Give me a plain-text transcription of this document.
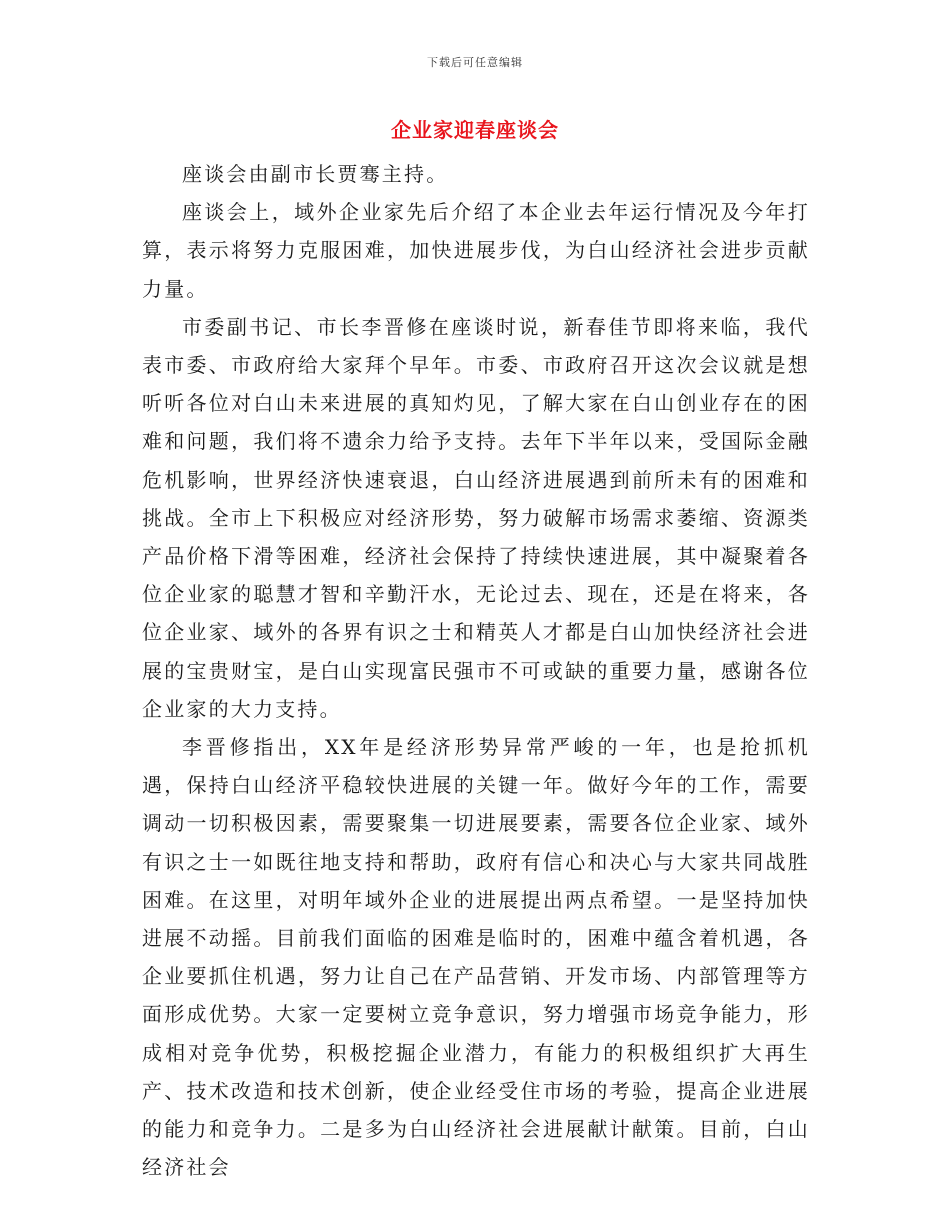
下载后可任意编辑
企业家迎春座谈会

座谈会由副市长贾骞主持。

座谈会上，域外企业家先后介绍了本企业去年运行情况及今年打算，表示将努力克服困难，加快进展步伐，为白山经济社会进步贡献力量。

市委副书记、市长李晋修在座谈时说，新春佳节即将来临，我代表市委、市政府给大家拜个早年。市委、市政府召开这次会议就是想听听各位对白山未来进展的真知灼见，了解大家在白山创业存在的困难和问题，我们将不遗余力给予支持。去年下半年以来，受国际金融危机影响，世界经济快速衰退，白山经济进展遇到前所未有的困难和挑战。全市上下积极应对经济形势，努力破解市场需求萎缩、资源类产品价格下滑等困难，经济社会保持了持续快速进展，其中凝聚着各位企业家的聪慧才智和辛勤汗水，无论过去、现在，还是在将来，各位企业家、域外的各界有识之士和精英人才都是白山加快经济社会进展的宝贵财宝，是白山实现富民强市不可或缺的重要力量，感谢各位企业家的大力支持。

李晋修指出，XX年是经济形势异常严峻的一年，也是抢抓机遇，保持白山经济平稳较快进展的关键一年。做好今年的工作，需要调动一切积极因素，需要聚集一切进展要素，需要各位企业家、域外有识之士一如既往地支持和帮助，政府有信心和决心与大家共同战胜困难。在这里，对明年域外企业的进展提出两点希望。一是坚持加快进展不动摇。目前我们面临的困难是临时的，困难中蕴含着机遇，各企业要抓住机遇，努力让自己在产品营销、开发市场、内部管理等方面形成优势。大家一定要树立竞争意识，努力增强市场竞争能力，形成相对竞争优势，积极挖掘企业潜力，有能力的积极组织扩大再生产、技术改造和技术创新，使企业经受住市场的考验，提高企业进展的能力和竞争力。二是多为白山经济社会进展献计献策。目前，白山经济社会
